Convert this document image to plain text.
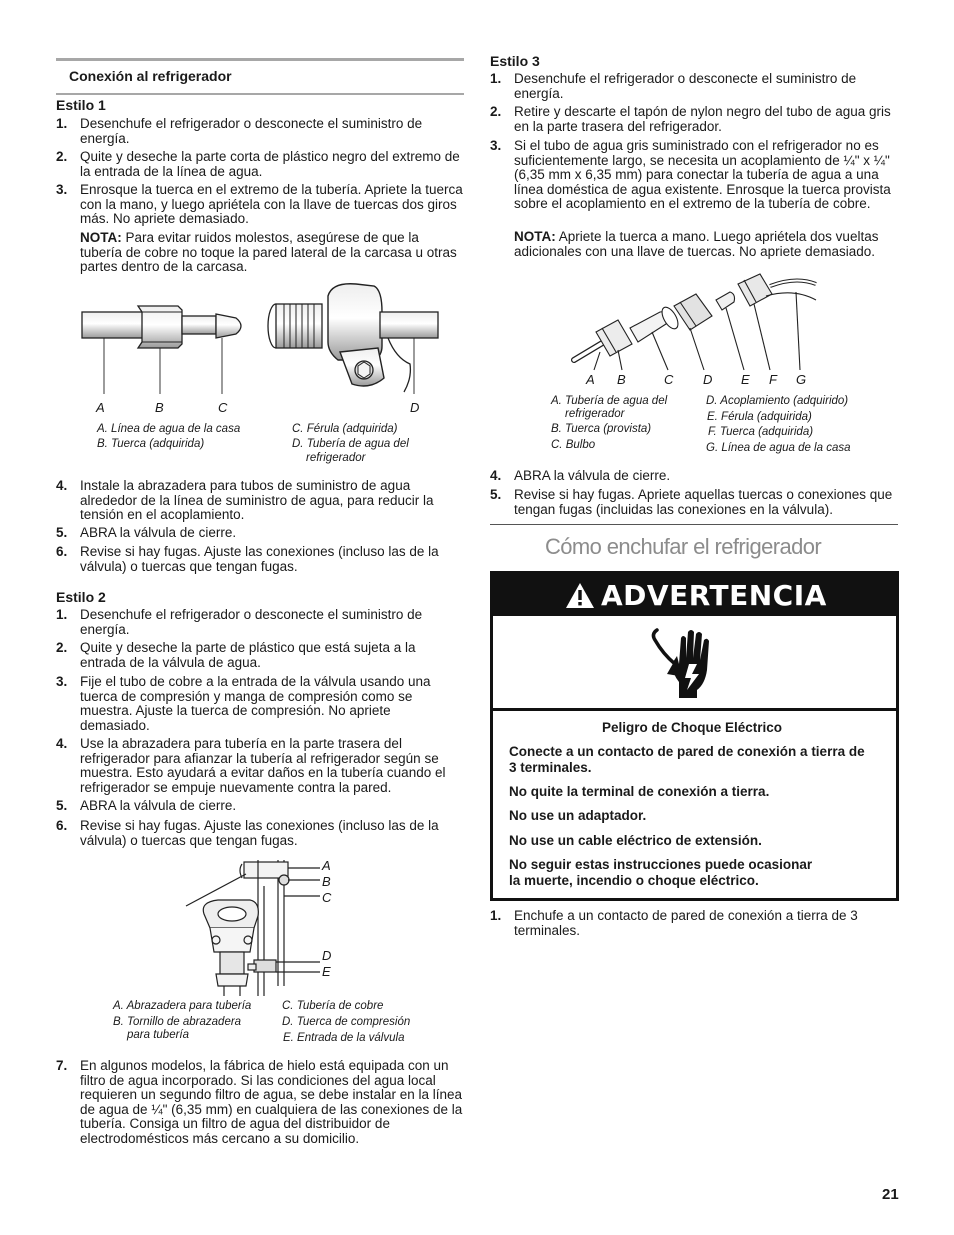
Conexión al refrigerador
Estilo 1
1. Desenchufe el refrigerador o desconecte el suministro de energía.
2. Quite y deseche la parte corta de plástico negro del extremo de la entrada de la línea de agua.
3. Enrosque la tuerca en el extremo de la tubería. Apriete la tuerca con la mano, y luego apriétela con la llave de tuercas dos giros más. No apriete demasiado.
NOTA: Para evitar ruidos molestos, asegúrese de que la tubería de cobre no toque la pared lateral de la carcasa u otras partes dentro de la carcasa.
A	B	C	D
A. Línea de agua de la casa
B. Tuerca (adquirida)
C. Férula (adquirida)
D. Tubería de agua del
refrigerador
4. Instale la abrazadera para tubos de suministro de agua alrededor de la línea de suministro de agua, para reducir la tensión en el acoplamiento.
5. ABRA la válvula de cierre.
6. Revise si hay fugas. Ajuste las conexiones (incluso las de la válvula) o tuercas que tengan fugas.
Estilo 2
1. Desenchufe el refrigerador o desconecte el suministro de energía.
2. Quite y deseche la parte de plástico que está sujeta a la entrada de la válvula de agua.
3. Fije el tubo de cobre a la entrada de la válvula usando una tuerca de compresión y manga de compresión como se muestra. Ajuste la tuerca de compresión. No apriete demasiado.
4. Use la abrazadera para tubería en la parte trasera del refrigerador para afianzar la tubería al refrigerador según se muestra. Esto ayudará a evitar daños en la tubería cuando el refrigerador se empuje nuevamente contra la pared.
5. ABRA la válvula de cierre.
6. Revise si hay fugas. Ajuste las conexiones (incluso las de la válvula) o tuercas que tengan fugas.
A
B
C
D
E
A. Abrazadera para tubería
B. Tornillo de abrazadera
para tubería
C. Tubería de cobre
D. Tuerca de compresión
E. Entrada de la válvula
7. En algunos modelos, la fábrica de hielo está equipada con un filtro de agua incorporado. Si las condiciones del agua local requieren un segundo filtro de agua, se debe instalar en la línea de agua de ¼" (6,35 mm) en cualquiera de las conexiones de la tubería. Consiga un filtro de agua del distribuidor de electrodomésticos más cercano a su domicilio.
Estilo 3
1. Desenchufe el refrigerador o desconecte el suministro de energía.
2. Retire y descarte el tapón de nylon negro del tubo de agua gris en la parte trasera del refrigerador.
3. Si el tubo de agua gris suministrado con el refrigerador no es suficientemente largo, se necesita un acoplamiento de ¼" x ¼" (6,35 mm x 6,35 mm) para conectar la tubería de agua a una línea doméstica de agua existente. Enrosque la tuerca provista sobre el acoplamiento en el extremo de la tubería de cobre.
NOTA: Apriete la tuerca a mano. Luego apriétela dos vueltas adicionales con una llave de tuercas. No apriete demasiado.
A B	C D E F G
A. Tubería de agua del
refrigerador
B. Tuerca (provista)
C. Bulbo
D. Acoplamiento (adquirido)
E. Férula (adquirida)
F. Tuerca (adquirida)
G. Línea de agua de la casa
4. ABRA la válvula de cierre.
5. Revise si hay fugas. Apriete aquellas tuercas o conexiones que tengan fugas (incluidas las conexiones en la válvula).
Cómo enchufar el refrigerador
ADVERTENCIA
Peligro de Choque Eléctrico
Conecte a un contacto de pared de conexión a tierra de
3 terminales.
No quite la terminal de conexión a tierra.
No use un adaptador.
No use un cable eléctrico de extensión.
No seguir estas instrucciones puede ocasionar
la muerte, incendio o choque eléctrico.
1. Enchufe a un contacto de pared de conexión a tierra de 3 terminales.
21
